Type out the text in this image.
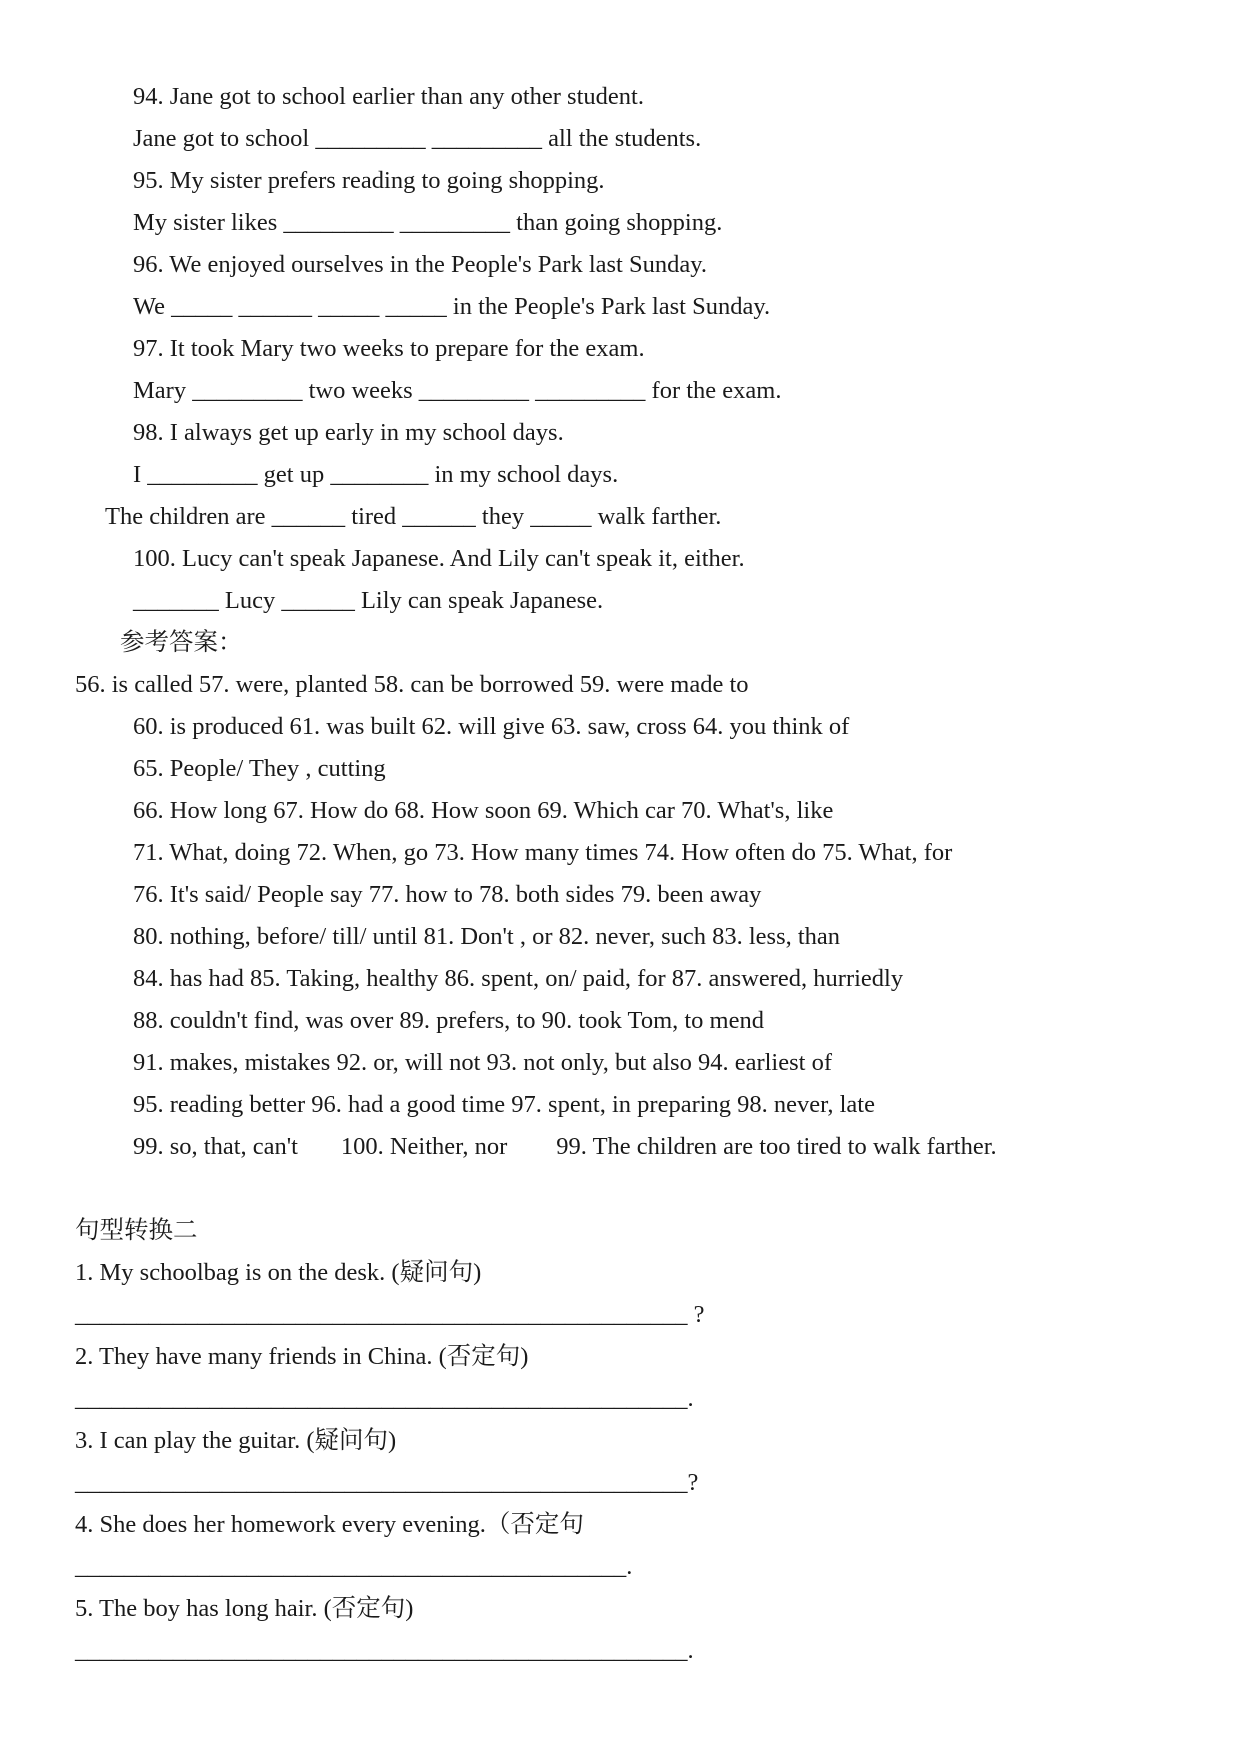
94. Jane got to school earlier than any other student.
Jane got to school _________ _________ all the students.
95. My sister prefers reading to going shopping.
My sister likes _________ _________ than going shopping.
96. We enjoyed ourselves in the People's Park last Sunday.
We _____ ______ _____ _____ in the People's Park last Sunday.
97. It took Mary two weeks to prepare for the exam.
Mary _________ two weeks _________ _________ for the exam.
98. I always get up early in my school days.
I _________ get up ________ in my school days.
The children are ______ tired ______ they _____ walk farther.
100. Lucy can't speak Japanese. And Lily can't speak it, either.
_______ Lucy ______ Lily can speak Japanese.
参考答案：
56. is called 57. were, planted 58. can be borrowed 59. were made to
60. is produced 61. was built 62. will give 63. saw, cross 64. you think of
65. People/ They , cutting
66. How long 67. How do 68. How soon 69. Which car 70. What's, like
71. What, doing 72. When, go 73. How many times 74. How often do 75. What, for
76. It's said/ People say 77. how to 78. both sides 79. been away
80. nothing, before/ till/ until 81. Don't , or 82. never, such 83. less, than
84. has had 85. Taking, healthy 86. spent, on/ paid, for 87. answered, hurriedly
88. couldn't find, was over 89. prefers, to 90. took Tom, to mend
91. makes, mistakes 92. or, will not 93. not only, but also 94. earliest of
95. reading better 96. had a good time 97. spent, in preparing 98. never, late
99. so, that, can't       100. Neither, nor        99. The children are too tired to walk farther.
句型转换二
1. My schoolbag is on the desk. (疑问句)
__________________________________________________ ?
2. They have many friends in China. (否定句)
__________________________________________________.
3. I can play the guitar. (疑问句)
__________________________________________________?
4. She does her homework every evening.（否定句
_____________________________________________.
5. The boy has long hair. (否定句)
__________________________________________________.
